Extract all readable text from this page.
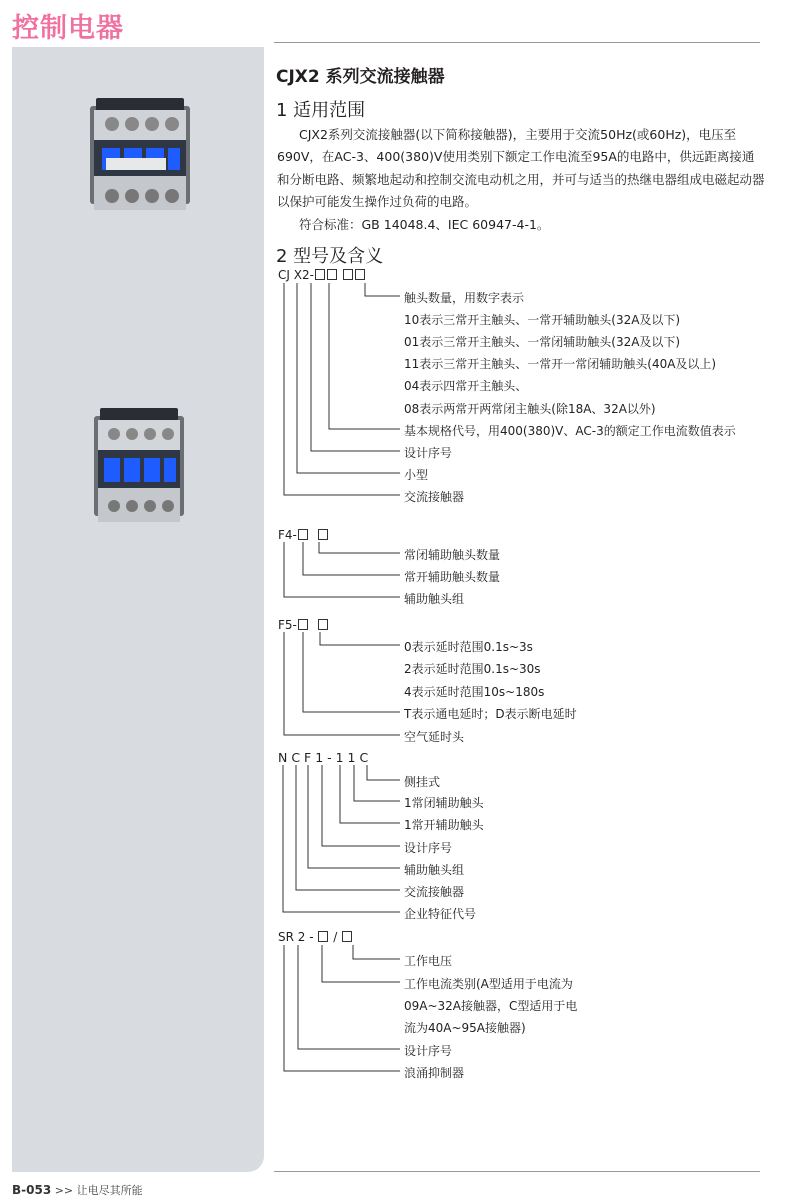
控制电器
CJX2 系列交流接触器
1 适用范围

CJX2系列交流接触器(以下简称接触器)，主要用于交流50Hz(或60Hz)，电压至690V，在AC-3、400(380)V使用类别下额定工作电流至95A的电路中，供远距离接通和分断电路、频繁地起动和控制交流电动机之用，并可与适当的热继电器组成电磁起动器以保护可能发生操作过负荷的电路。

符合标准：GB 14048.4、IEC 60947-4-1。

2 型号及含义
CJ X2-
触头数量，用数字表示
10表示三常开主触头、一常开辅助触头(32A及以下)
01表示三常开主触头、一常闭辅助触头(32A及以下)
11表示三常开主触头、一常开一常闭辅助触头(40A及以上)
04表示四常开主触头、
08表示两常开两常闭主触头(除18A、32A以外)
基本规格代号，用400(380)V、AC-3的额定工作电流数值表示
设计序号
小型
交流接触器
F4-
常闭辅助触头数量
常开辅助触头数量
辅助触头组
F5-
0表示延时范围0.1s~3s
2表示延时范围0.1s~30s
4表示延时范围10s~180s
T表示通电延时；D表示断电延时
空气延时头
N C F 1 - 1 1 C
侧挂式
1常闭辅助触头
1常开辅助触头
设计序号
辅助触头组
交流接触器
企业特征代号
SR 2 -  /
工作电压
工作电流类别(A型适用于电流为
09A~32A接触器，C型适用于电
流为40A~95A接触器)
设计序号
浪涌抑制器
B-053 >> 让电尽其所能
